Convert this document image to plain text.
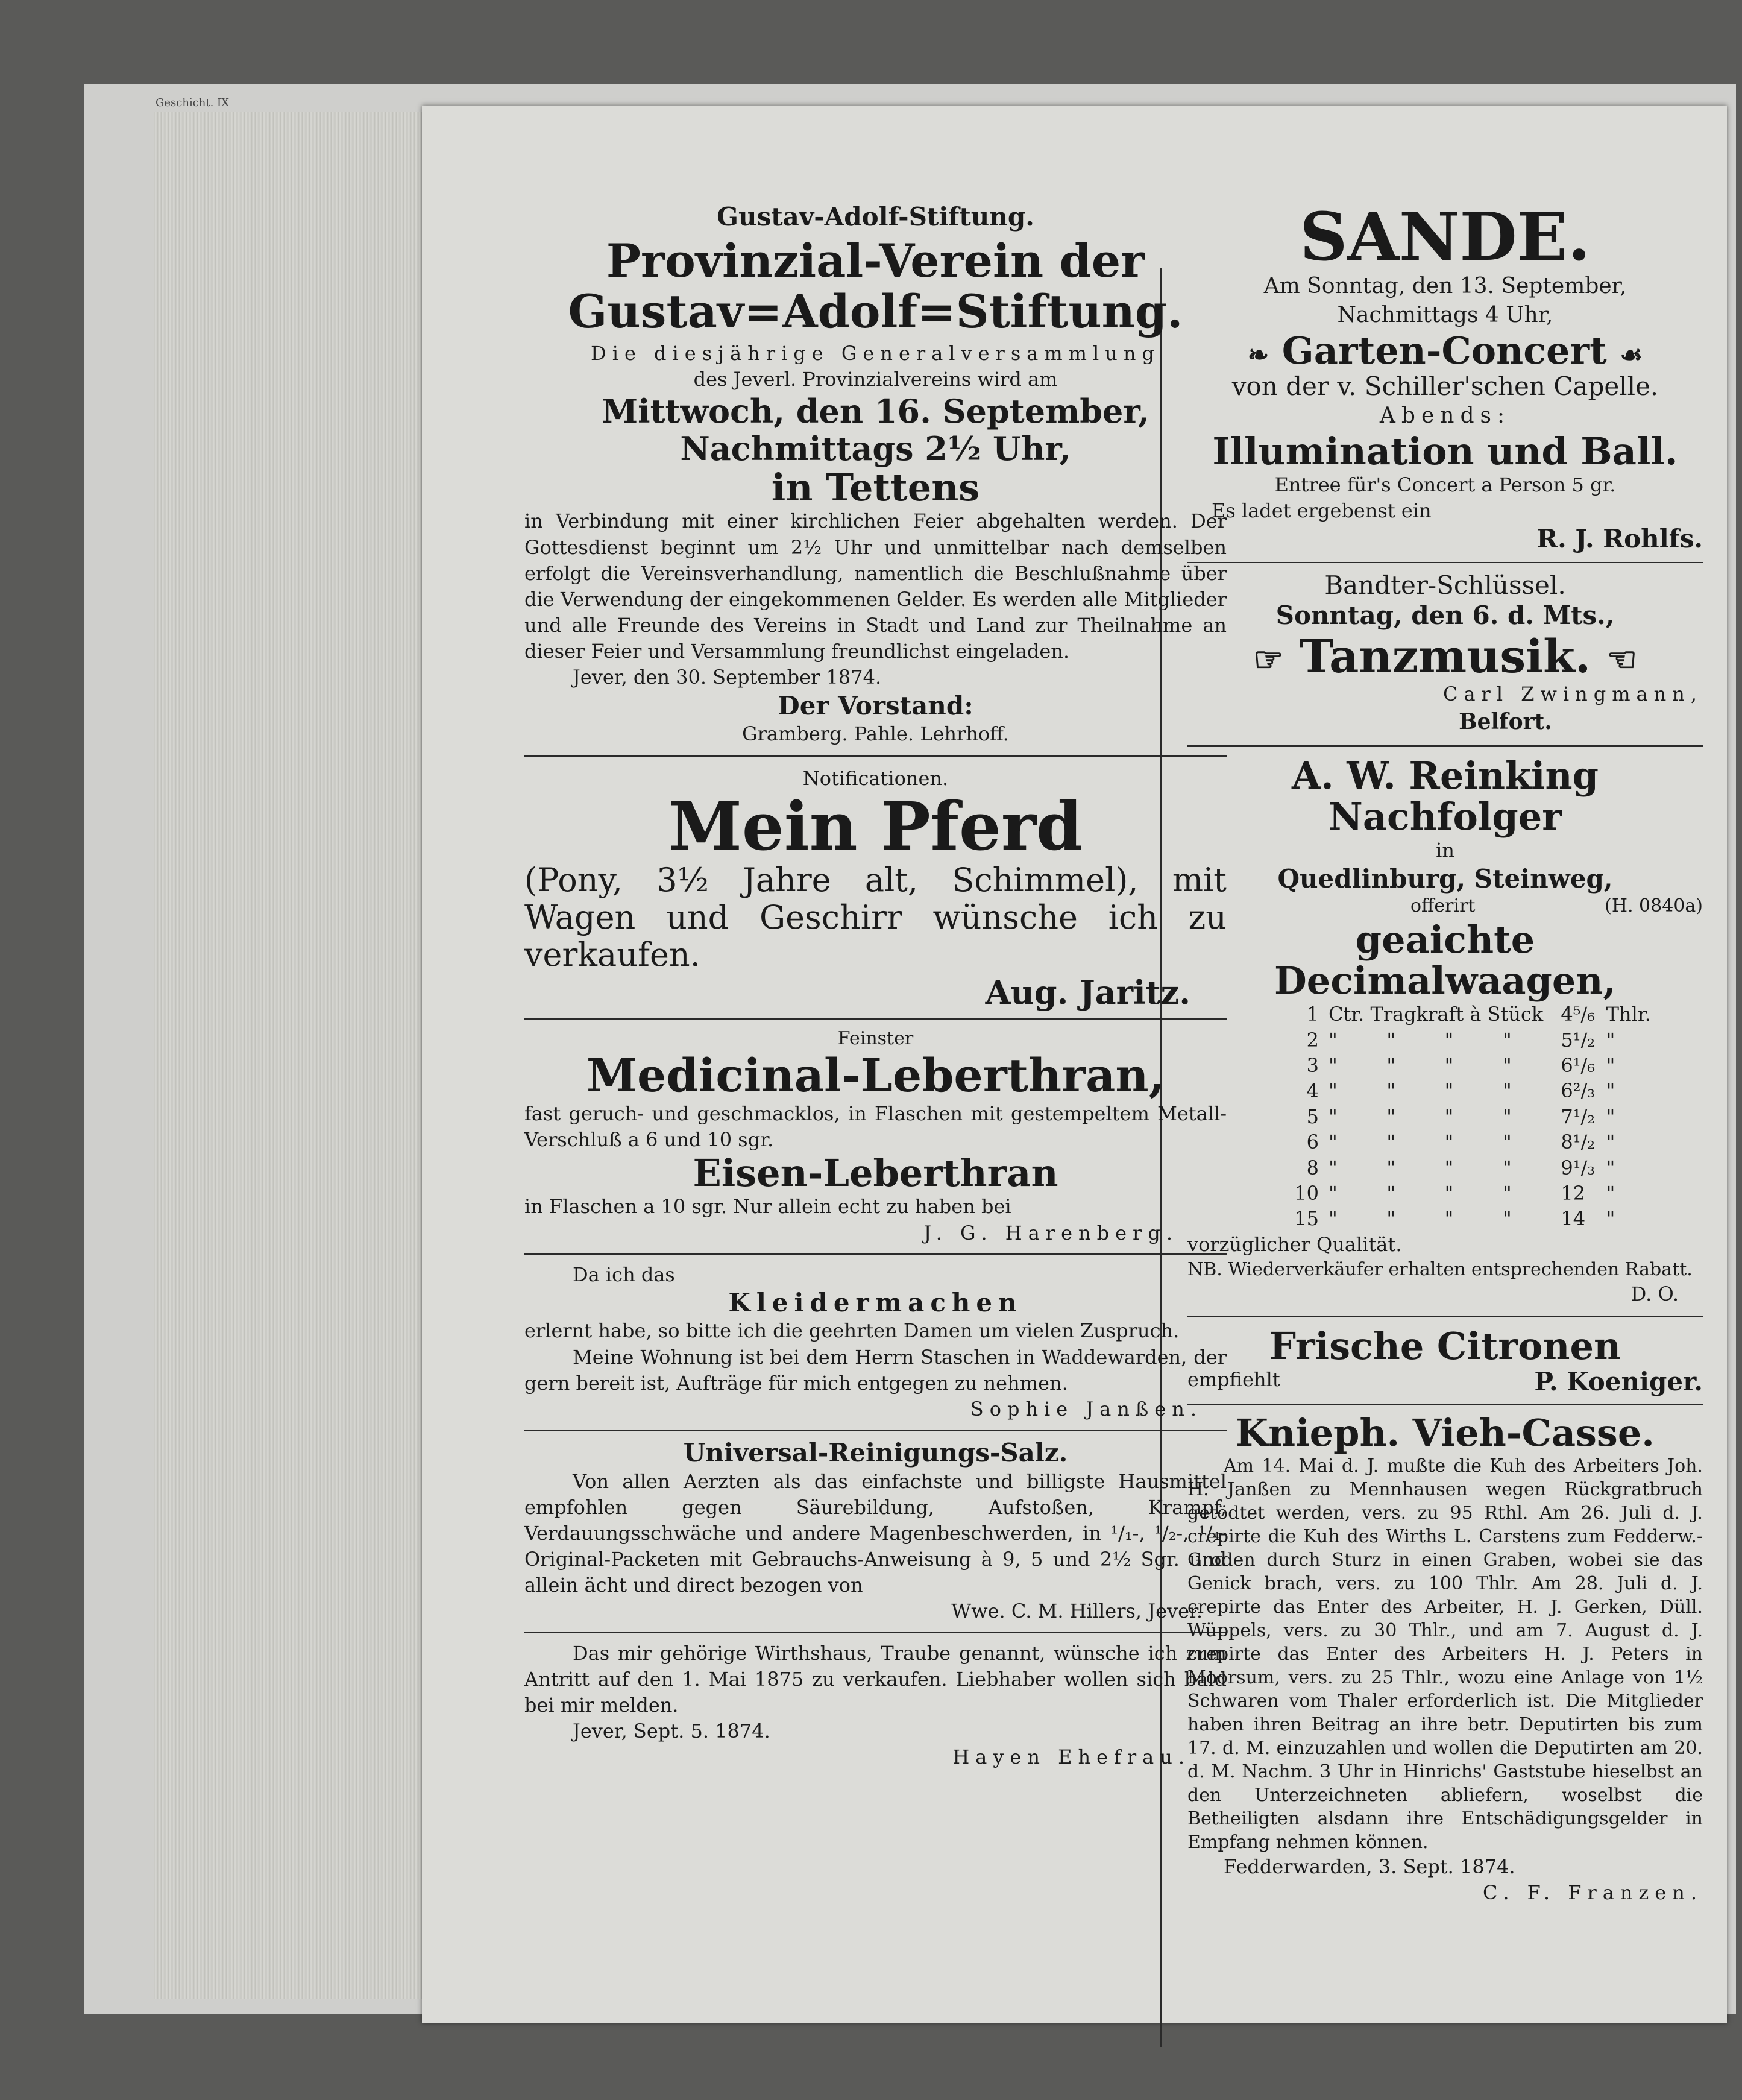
Geschicht. IX
Gustav-Adolf-Stiftung.
Provinzial-Verein der
Gustav=Adolf=Stiftung.
Die diesjährige Generalversammlung
des Jeverl. Provinzialvereins wird am
Mittwoch, den 16. September,
Nachmittags 2½ Uhr,
in Tettens
in Verbindung mit einer kirchlichen Feier abgehalten werden. Der Gottesdienst beginnt um 2½ Uhr und unmittelbar nach demselben erfolgt die Vereinsverhandlung, namentlich die Beschlußnahme über die Verwendung der eingekommenen Gelder. Es werden alle Mitglieder und alle Freunde des Vereins in Stadt und Land zur Theilnahme an dieser Feier und Versammlung freundlichst eingeladen.
Jever, den 30. September 1874.
Der Vorstand:
Gramberg. Pahle. Lehrhoff.
Notificationen.
Mein Pferd
(Pony, 3½ Jahre alt, Schimmel), mit Wagen und Geschirr wünsche ich zu verkaufen.
Aug. Jaritz.
Feinster
Medicinal-Leberthran,
fast geruch- und geschmacklos, in Flaschen mit gestempeltem Metall-Verschluß a 6 und 10 sgr.
Eisen-Leberthran
in Flaschen a 10 sgr. Nur allein echt zu haben bei
J. G. Harenberg.
Da ich das
Kleidermachen
erlernt habe, so bitte ich die geehrten Damen um vielen Zuspruch.
Meine Wohnung ist bei dem Herrn Staschen in Waddewarden, der gern bereit ist, Aufträge für mich entgegen zu nehmen.
Sophie Janßen.
Universal-Reinigungs-Salz.
Von allen Aerzten als das einfachste und billigste Hausmittel empfohlen gegen Säurebildung, Aufstoßen, Krampf, Verdauungsschwäche und andere Magenbeschwerden, in ¹/₁-, ¹/₂-, ¹/₄-Original-Packeten mit Gebrauchs-Anweisung à 9, 5 und 2½ Sgr. und allein ächt und direct bezogen von
Wwe. C. M. Hillers, Jever.
Das mir gehörige Wirthshaus, Traube genannt, wünsche ich zum Antritt auf den 1. Mai 1875 zu verkaufen. Liebhaber wollen sich bald bei mir melden.
Jever, Sept. 5. 1874.
Hayen Ehefrau.
SANDE.
Am Sonntag, den 13. September,
Nachmittags 4 Uhr,
❧ Garten-Concert ☙
von der v. Schiller'schen Capelle.
Abends:
Illumination und Ball.
Entree für's Concert a Person 5 gr.
Es ladet ergebenst ein
R. J. Rohlfs.
Bandter-Schlüssel.
Sonntag, den 6. d. Mts.,
☞ Tanzmusik. ☜
Carl Zwingmann,
Belfort.
A. W. Reinking Nachfolger
in
Quedlinburg, Steinweg,
offerirt	(H. 0840a)
geaichte Decimalwaagen,
1	Ctr. Tragkraft à Stück				4⁵/₆	Thlr.
2	"	"	"	"	5¹/₂	"
3	"	"	"	"	6¹/₆	"
4	"	"	"	"	6²/₃	"
5	"	"	"	"	7¹/₂	"
6	"	"	"	"	8¹/₂	"
8	"	"	"	"	9¹/₃	"
10	"	"	"	"	12	"
15	"	"	"	"	14	"
vorzüglicher Qualität.
NB. Wiederverkäufer erhalten entsprechenden Rabatt.
D. O.
Frische Citronen
empfiehlt	P. Koeniger.
Knieph. Vieh-Casse.
Am 14. Mai d. J. mußte die Kuh des Arbeiters Joh. H. Janßen zu Mennhausen wegen Rückgratbruch getödtet werden, vers. zu 95 Rthl. Am 26. Juli d. J. crepirte die Kuh des Wirths L. Carstens zum Fedderw.-Groden durch Sturz in einen Graben, wobei sie das Genick brach, vers. zu 100 Thlr. Am 28. Juli d. J. crepirte das Enter des Arbeiter, H. J. Gerken, Düll. Wüppels, vers. zu 30 Thlr., und am 7. August d. J. crepirte das Enter des Arbeiters H. J. Peters in Moorsum, vers. zu 25 Thlr., wozu eine Anlage von 1½ Schwaren vom Thaler erforderlich ist. Die Mitglieder haben ihren Beitrag an ihre betr. Deputirten bis zum 17. d. M. einzuzahlen und wollen die Deputirten am 20. d. M. Nachm. 3 Uhr in Hinrichs' Gaststube hieselbst an den Unterzeichneten abliefern, woselbst die Betheiligten alsdann ihre Entschädigungsgelder in Empfang nehmen können.
Fedderwarden, 3. Sept. 1874.
C. F. Franzen.
